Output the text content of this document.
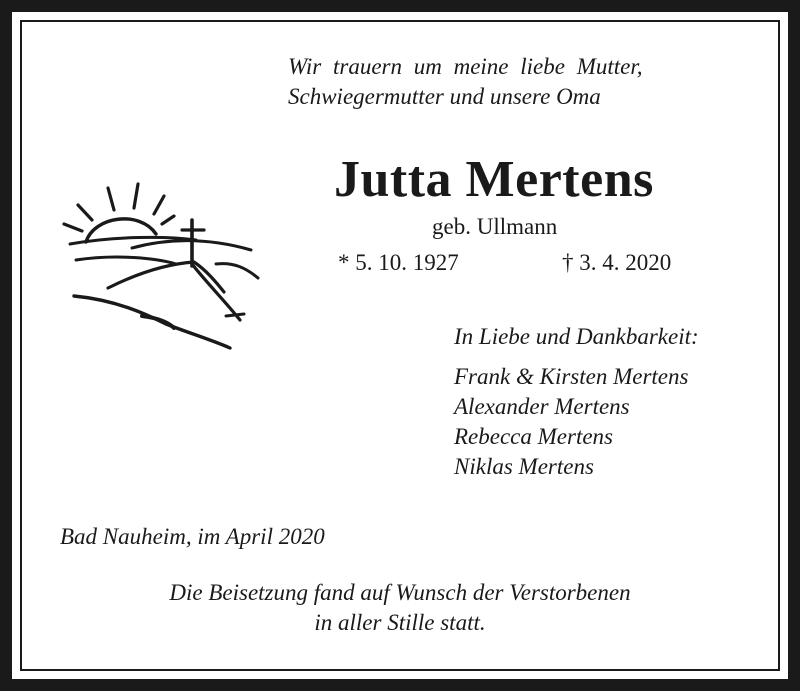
Wir trauern um meine liebe Mutter,
Schwiegermutter und unsere Oma
Jutta Mertens
geb. Ullmann
* 5. 10. 1927	† 3. 4. 2020
In Liebe und Dankbarkeit:
Frank & Kirsten Mertens
Alexander Mertens
Rebecca Mertens
Niklas Mertens
Bad Nauheim, im April 2020
Die Beisetzung fand auf Wunsch der Verstorbenen
in aller Stille statt.
